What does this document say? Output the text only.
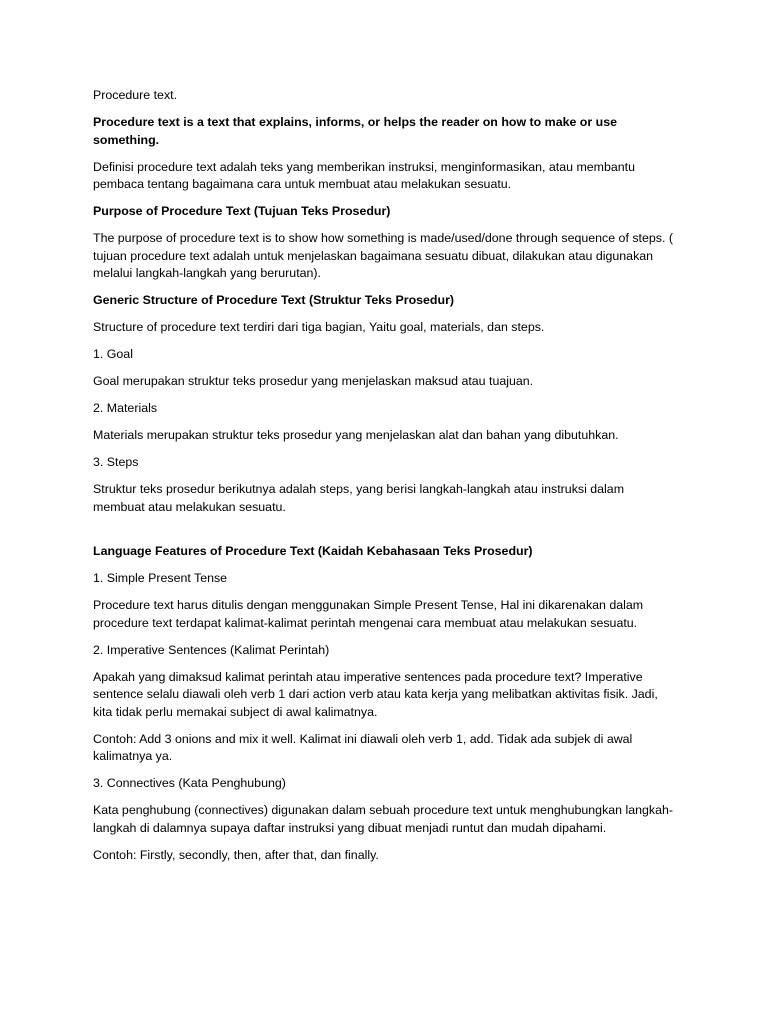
Procedure text.

Procedure text is a text that explains, informs, or helps the reader on how to make or use something.

Definisi procedure text adalah teks yang memberikan instruksi, menginformasikan, atau membantu pembaca tentang bagaimana cara untuk membuat atau melakukan sesuatu.

Purpose of Procedure Text (Tujuan Teks Prosedur)

The purpose of procedure text is to show how something is made/used/done through sequence of steps. ( tujuan procedure text adalah untuk menjelaskan bagaimana sesuatu dibuat, dilakukan atau digunakan melalui langkah-langkah yang berurutan).

Generic Structure of Procedure Text (Struktur Teks Prosedur)

Structure of procedure text terdiri dari tiga bagian, Yaitu goal, materials, dan steps.

1. Goal

Goal merupakan struktur teks prosedur yang menjelaskan maksud atau tuajuan.

2. Materials

Materials merupakan struktur teks prosedur yang menjelaskan alat dan bahan yang dibutuhkan.

3. Steps

Struktur teks prosedur berikutnya adalah steps, yang berisi langkah-langkah atau instruksi dalam membuat atau melakukan sesuatu.

Language Features of Procedure Text (Kaidah Kebahasaan Teks Prosedur)

1. Simple Present Tense

Procedure text harus ditulis dengan menggunakan Simple Present Tense, Hal ini dikarenakan dalam procedure text terdapat kalimat-kalimat perintah mengenai cara membuat atau melakukan sesuatu.

2. Imperative Sentences (Kalimat Perintah)

Apakah yang dimaksud kalimat perintah atau imperative sentences pada procedure text? Imperative sentence selalu diawali oleh verb 1 dari action verb atau kata kerja yang melibatkan aktivitas fisik. Jadi, kita tidak perlu memakai subject di awal kalimatnya.

Contoh: Add 3 onions and mix it well. Kalimat ini diawali oleh verb 1, add. Tidak ada subjek di awal kalimatnya ya.

3. Connectives (Kata Penghubung)

Kata penghubung (connectives) digunakan dalam sebuah procedure text untuk menghubungkan langkah-langkah di dalamnya supaya daftar instruksi yang dibuat menjadi runtut dan mudah dipahami.

Contoh: Firstly, secondly, then, after that, dan finally.
